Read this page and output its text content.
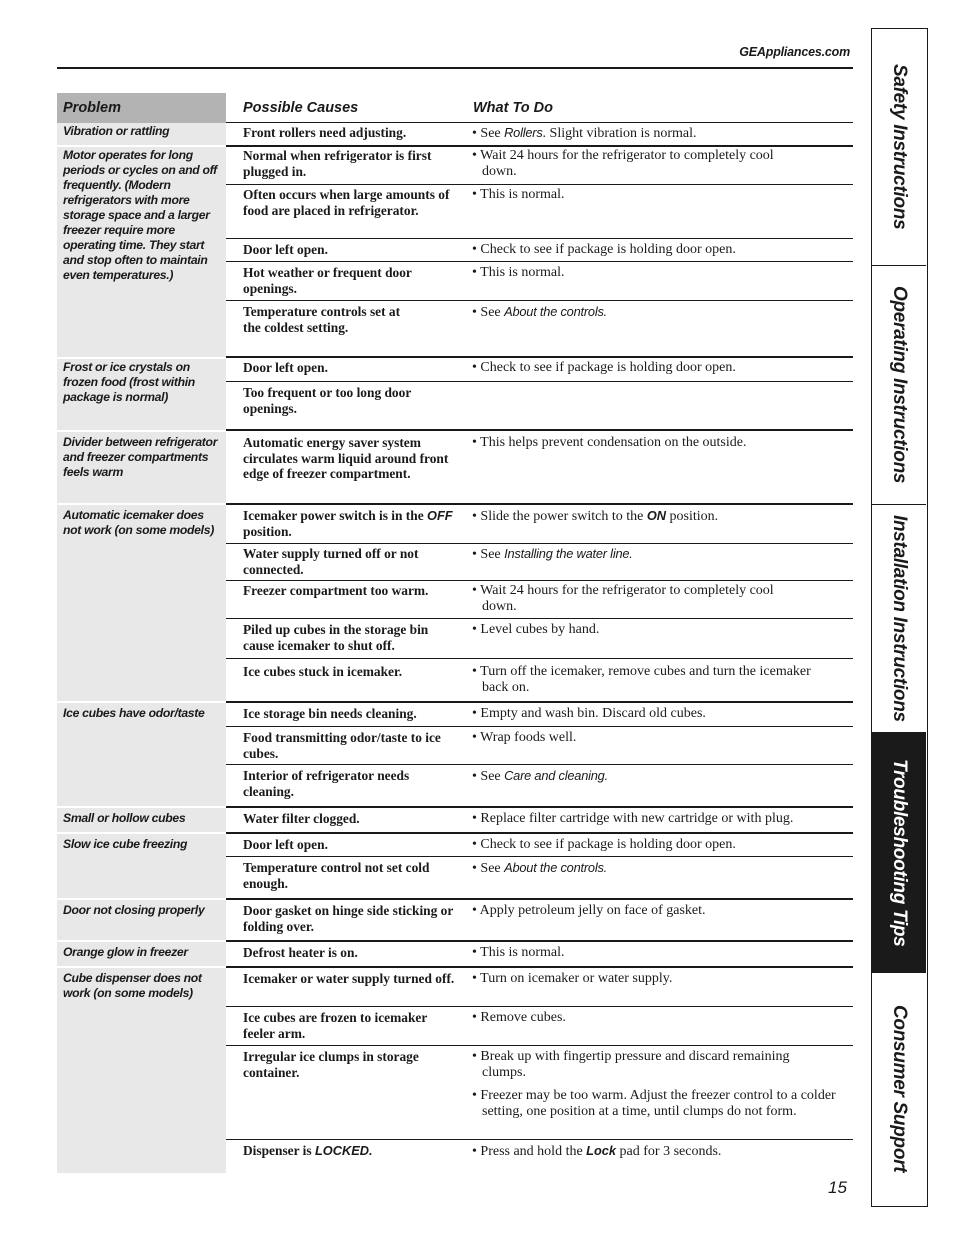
GEAppliances.com
Problem	Possible Causes	What To Do
Vibration or rattling
Motor operates for long periods or cycles on and off frequently. (Modern refrigerators with more storage space and a larger freezer require more operating time. They start and stop often to maintain even temperatures.)
Frost or ice crystals on frozen food (frost within package is normal)
Divider between refrigerator and freezer compartments feels warm
Automatic icemaker does not work (on some models)
Ice cubes have odor/taste
Small or hollow cubes
Slow ice cube freezing
Door not closing properly
Orange glow in freezer
Cube dispenser does not work (on some models)
Front rollers need adjusting.
Normal when refrigerator is first plugged in.
Often occurs when large amounts of food are placed in refrigerator.
Door left open.
Hot weather or frequent door openings.
Temperature controls set at the coldest setting.
Door left open.
Too frequent or too long door openings.
Automatic energy saver system circulates warm liquid around front edge of freezer compartment.
Icemaker power switch is in the OFF position.
Water supply turned off or not connected.
Freezer compartment too warm.
Piled up cubes in the storage bin cause icemaker to shut off.
Ice cubes stuck in icemaker.
Ice storage bin needs cleaning.
Food transmitting odor/taste to ice cubes.
Interior of refrigerator needs cleaning.
Water filter clogged.
Door left open.
Temperature control not set cold enough.
Door gasket on hinge side sticking or folding over.
Defrost heater is on.
Icemaker or water supply turned off.
Ice cubes are frozen to icemaker feeler arm.
Irregular ice clumps in storage container.
Dispenser is LOCKED.
• See Rollers. Slight vibration is normal.
• Wait 24 hours for the refrigerator to completely cool down.
• This is normal.
• Check to see if package is holding door open.
• This is normal.
• See About the controls.
• Check to see if package is holding door open.
• This helps prevent condensation on the outside.
• Slide the power switch to the ON position.
• See Installing the water line.
• Wait 24 hours for the refrigerator to completely cool down.
• Level cubes by hand.
• Turn off the icemaker, remove cubes and turn the icemaker back on.
• Empty and wash bin. Discard old cubes.
• Wrap foods well.
• See Care and cleaning.
• Replace filter cartridge with new cartridge or with plug.
• Check to see if package is holding door open.
• See About the controls.
• Apply petroleum jelly on face of gasket.
• This is normal.
• Turn on icemaker or water supply.
• Remove cubes.
• Break up with fingertip pressure and discard remaining clumps.
• Freezer may be too warm. Adjust the freezer control to a colder setting, one position at a time, until clumps do not form.
• Press and hold the Lock pad for 3 seconds.
15
Safety Instructions
Operating Instructions
Installation Instructions
Troubleshooting Tips
Consumer Support
